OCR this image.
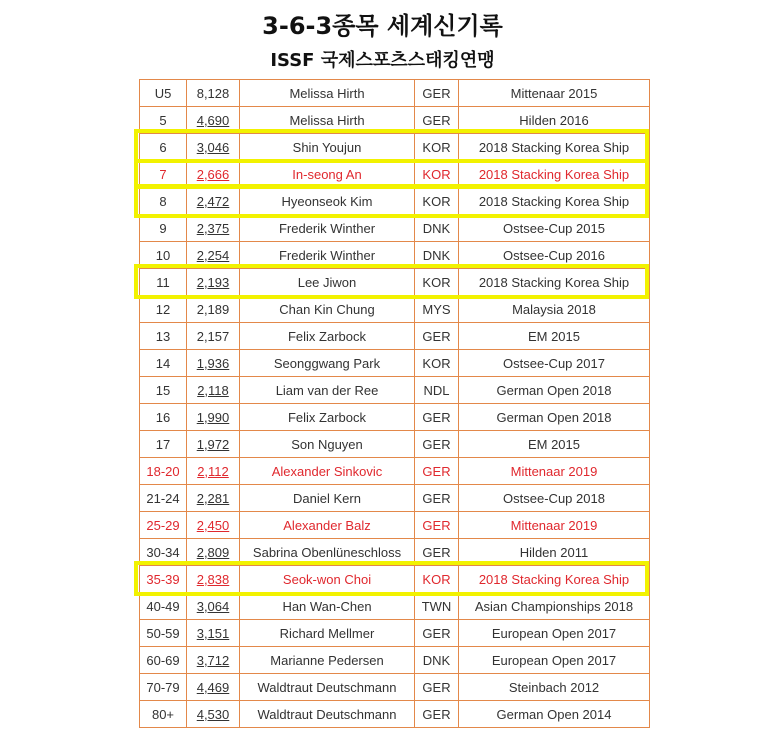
3-6-3종목 세계신기록
ISSF 국제스포츠스태킹연맹
U5	8,128	Melissa Hirth	GER	Mittenaar 2015
5	4,690	Melissa Hirth	GER	Hilden 2016
6	3,046	Shin Youjun	KOR	2018 Stacking Korea Ship
7	2,666	In-seong An	KOR	2018 Stacking Korea Ship
8	2,472	Hyeonseok Kim	KOR	2018 Stacking Korea Ship
9	2,375	Frederik Winther	DNK	Ostsee-Cup 2015
10	2,254	Frederik Winther	DNK	Ostsee-Cup 2016
11	2,193	Lee Jiwon	KOR	2018 Stacking Korea Ship
12	2,189	Chan Kin Chung	MYS	Malaysia 2018
13	2,157	Felix Zarbock	GER	EM 2015
14	1,936	Seonggwang Park	KOR	Ostsee-Cup 2017
15	2,118	Liam van der Ree	NDL	German Open 2018
16	1,990	Felix Zarbock	GER	German Open 2018
17	1,972	Son Nguyen	GER	EM 2015
18-20	2,112	Alexander Sinkovic	GER	Mittenaar 2019
21-24	2,281	Daniel Kern	GER	Ostsee-Cup 2018
25-29	2,450	Alexander Balz	GER	Mittenaar 2019
30-34	2,809	Sabrina Obenlüneschloss	GER	Hilden 2011
35-39	2,838	Seok-won Choi	KOR	2018 Stacking Korea Ship
40-49	3,064	Han Wan-Chen	TWN	Asian Championships 2018
50-59	3,151	Richard Mellmer	GER	European Open 2017
60-69	3,712	Marianne Pedersen	DNK	European Open 2017
70-79	4,469	Waldtraut Deutschmann	GER	Steinbach 2012
80+	4,530	Waldtraut Deutschmann	GER	German Open 2014
